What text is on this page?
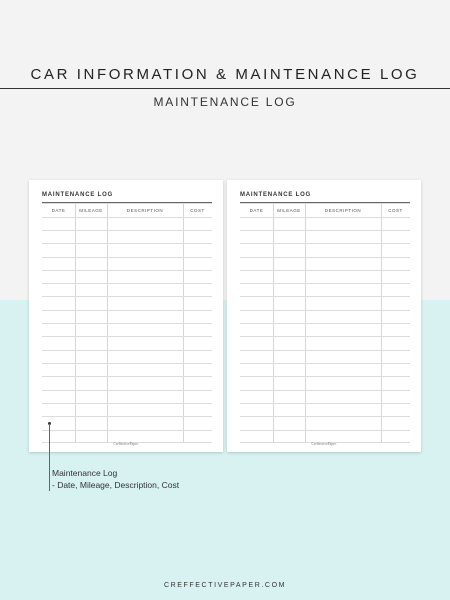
CAR INFORMATION & MAINTENANCE LOG
MAINTENANCE LOG
MAINTENANCE LOG
DATE	MILEAGE	DESCRIPTION	COST
CreffectivePaper.
MAINTENANCE LOG
DATE	MILEAGE	DESCRIPTION	COST
CreffectivePaper.
Maintenance Log
- Date, Mileage, Description, Cost
CREFFECTIVEPAPER.COM
